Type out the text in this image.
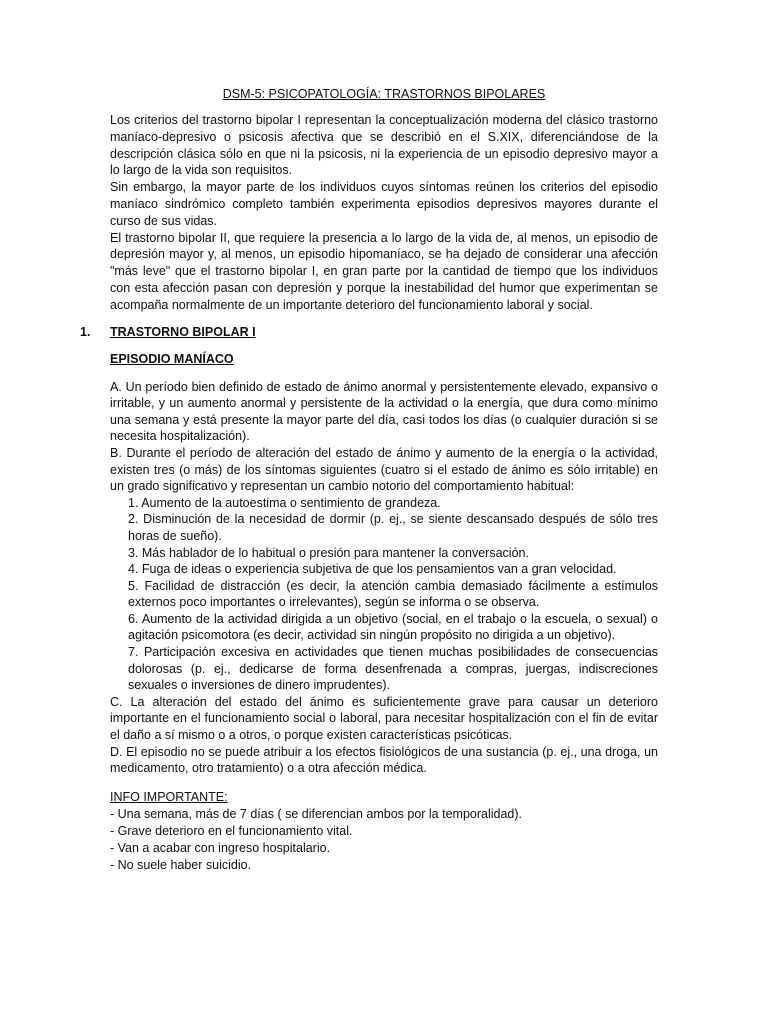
DSM-5: PSICOPATOLOGÍA: TRASTORNOS BIPOLARES

Los criterios del trastorno bipolar I representan la conceptualización moderna del clásico trastorno maníaco-depresivo o psicosis afectiva que se describió en el S.XIX, diferenciándose de la descripción clásica sólo en que ni la psicosis, ni la experiencia de un episodio depresivo mayor a lo largo de la vida son requisitos.

Sin embargo, la mayor parte de los individuos cuyos síntomas reúnen los criterios del episodio maníaco sindrómico completo también experimenta episodios depresivos mayores durante el curso de sus vidas.

El trastorno bipolar II, que requiere la presencia a lo largo de la vida de, al menos, un episodio de depresión mayor y, al menos, un episodio hipomaníaco, se ha dejado de considerar una afección "más leve" que el trastorno bipolar I, en gran parte por la cantidad de tiempo que los individuos con esta afección pasan con depresión y porque la inestabilidad del humor que experimentan se acompaña normalmente de un importante deterioro del funcionamiento laboral y social.

1. TRASTORNO BIPOLAR I
EPISODIO MANÍACO

A. Un período bien definido de estado de ánimo anormal y persistentemente elevado, expansivo o irritable, y un aumento anormal y persistente de la actividad o la energía, que dura como mínimo una semana y está presente la mayor parte del día, casi todos los días (o cualquier duración si se necesita hospitalización).

B. Durante el período de alteración del estado de ánimo y aumento de la energía o la actividad, existen tres (o más) de los síntomas siguientes (cuatro si el estado de ánimo es sólo irritable) en un grado significativo y representan un cambio notorio del comportamiento habitual:

1. Aumento de la autoestima o sentimiento de grandeza.
2. Disminución de la necesidad de dormir (p. ej., se siente descansado después de sólo tres horas de sueño).
3. Más hablador de lo habitual o presión para mantener la conversación.
4. Fuga de ideas o experiencia subjetiva de que los pensamientos van a gran velocidad.
5. Facilidad de distracción (es decir, la atención cambia demasiado fácilmente a estímulos externos poco importantes o irrelevantes), según se informa o se observa.
6. Aumento de la actividad dirigida a un objetivo (social, en el trabajo o la escuela, o sexual) o agitación psicomotora (es decir, actividad sin ningún propósito no dirigida a un objetivo).
7. Participación excesiva en actividades que tienen muchas posibilidades de consecuencias dolorosas (p. ej., dedicarse de forma desenfrenada a compras, juergas, indiscreciones sexuales o inversiones de dinero imprudentes).

C. La alteración del estado del ánimo es suficientemente grave para causar un deterioro importante en el funcionamiento social o laboral, para necesitar hospitalización con el fin de evitar el daño a sí mismo o a otros, o porque existen características psicóticas.

D. El episodio no se puede atribuir a los efectos fisiológicos de una sustancia (p. ej., una droga, un medicamento, otro tratamiento) o a otra afección médica.

INFO IMPORTANTE:
- Una semana, más de 7 días ( se diferencian ambos por la temporalidad).
- Grave deterioro en el funcionamiento vital.
- Van a acabar con ingreso hospitalario.
- No suele haber suicidio.
